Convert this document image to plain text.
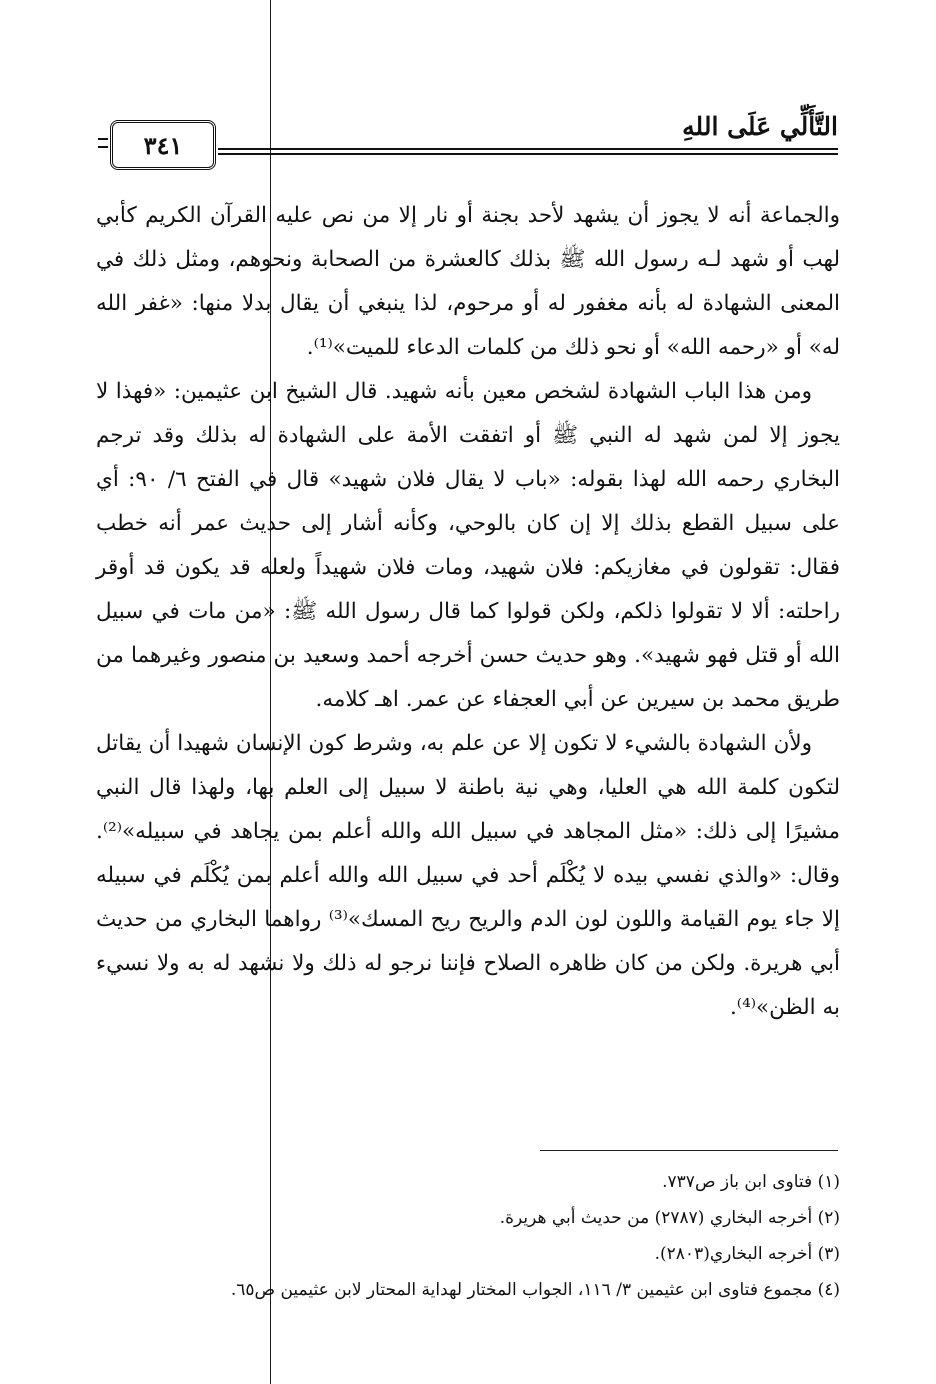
التَّأَلِّي عَلَى اللهِ
٣٤١

والجماعة أنه لا يجوز أن يشهد لأحد بجنة أو نار إلا من نص عليه القرآن الكريم كأبي لهب أو شهد لـه رسول الله ﷺ بذلك كالعشرة من الصحابة ونحوهم، ومثل ذلك في المعنى الشهادة له بأنه مغفور له أو مرحوم، لذا ينبغي أن يقال بدلا منها: «غفر الله له» أو «رحمه الله» أو نحو ذلك من كلمات الدعاء للميت»⁽¹⁾.

ومن هذا الباب الشهادة لشخص معين بأنه شهيد. قال الشيخ ابن عثيمين: «فهذا لا يجوز إلا لمن شهد له النبي ﷺ أو اتفقت الأمة على الشهادة له بذلك وقد ترجم البخاري رحمه الله لهذا بقوله: «باب لا يقال فلان شهيد» قال في الفتح ٦/ ٩٠: أي على سبيل القطع بذلك إلا إن كان بالوحي، وكأنه أشار إلى حديث عمر أنه خطب فقال: تقولون في مغازيكم: فلان شهيد، ومات فلان شهيداً ولعله قد يكون قد أوقر راحلته: ألا لا تقولوا ذلكم، ولكن قولوا كما قال رسول الله ﷺ: «من مات في سبيل الله أو قتل فهو شهيد». وهو حديث حسن أخرجه أحمد وسعيد بن منصور وغيرهما من طريق محمد بن سيرين عن أبي العجفاء عن عمر. اهـ كلامه.

ولأن الشهادة بالشيء لا تكون إلا عن علم به، وشرط كون الإنسان شهيدا أن يقاتل لتكون كلمة الله هي العليا، وهي نية باطنة لا سبيل إلى العلم بها، ولهذا قال النبي مشيرًا إلى ذلك: «مثل المجاهد في سبيل الله والله أعلم بمن يجاهد في سبيله»⁽²⁾. وقال: «والذي نفسي بيده لا يُكْلَم أحد في سبيل الله والله أعلم بمن يُكْلَم في سبيله إلا جاء يوم القيامة واللون لون الدم والريح ريح المسك»⁽³⁾ رواهما البخاري من حديث أبي هريرة. ولكن من كان ظاهره الصلاح فإننا نرجو له ذلك ولا نشهد له به ولا نسيء به الظن»⁽⁴⁾.

(١) فتاوى ابن باز ص٧٣٧.

(٢) أخرجه البخاري (٢٧٨٧) من حديث أبي هريرة.

(٣) أخرجه البخاري(٢٨٠٣).

(٤) مجموع فتاوى ابن عثيمين ٣/ ١١٦، الجواب المختار لهداية المحتار لابن عثيمين ص٦٥.
